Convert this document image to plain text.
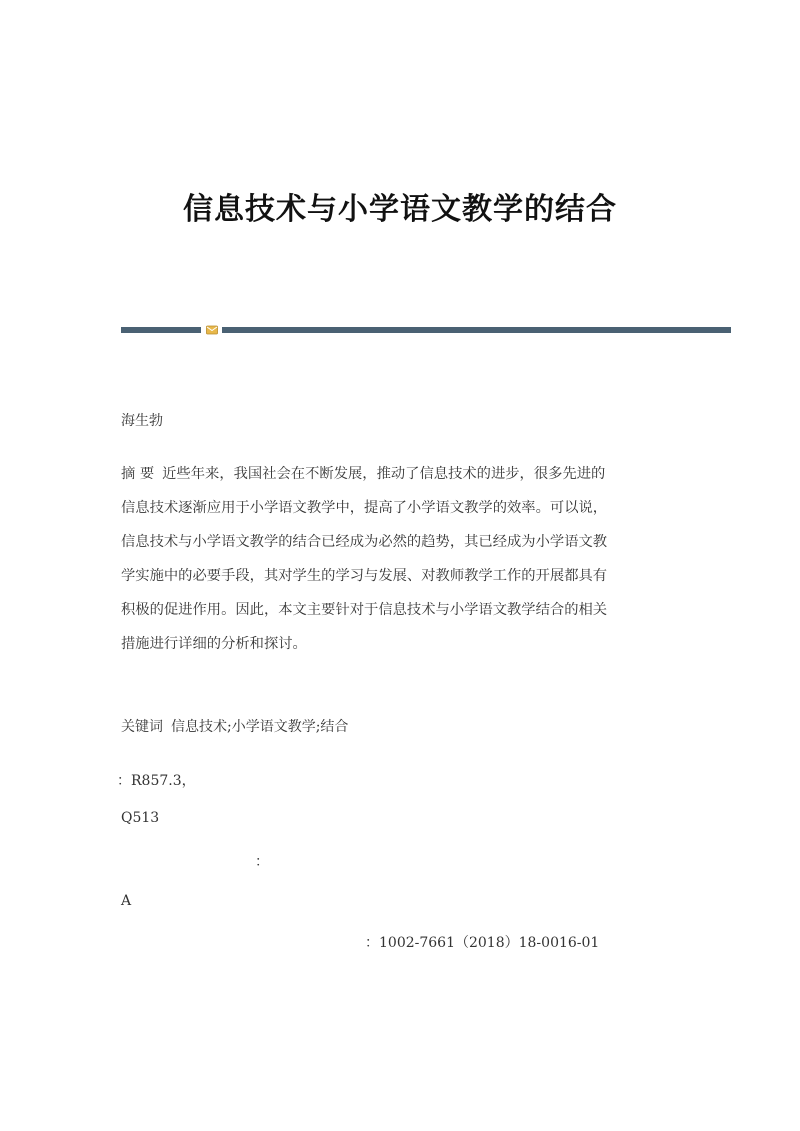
信息技术与小学语文教学的结合
海生勃
摘 要 近些年来，我国社会在不断发展，推动了信息技术的进步，很多先进的
信息技术逐渐应用于小学语文教学中，提高了小学语文教学的效率。可以说，
信息技术与小学语文教学的结合已经成为必然的趋势，其已经成为小学语文教
学实施中的必要手段，其对学生的学习与发展、对教师教学工作的开展都具有
积极的促进作用。因此，本文主要针对于信息技术与小学语文教学结合的相关
措施进行详细的分析和探讨。
关键词 信息技术;小学语文教学;结合
：R857.3，
Q513
：
A
：1002-7661（2018）18-0016-01
